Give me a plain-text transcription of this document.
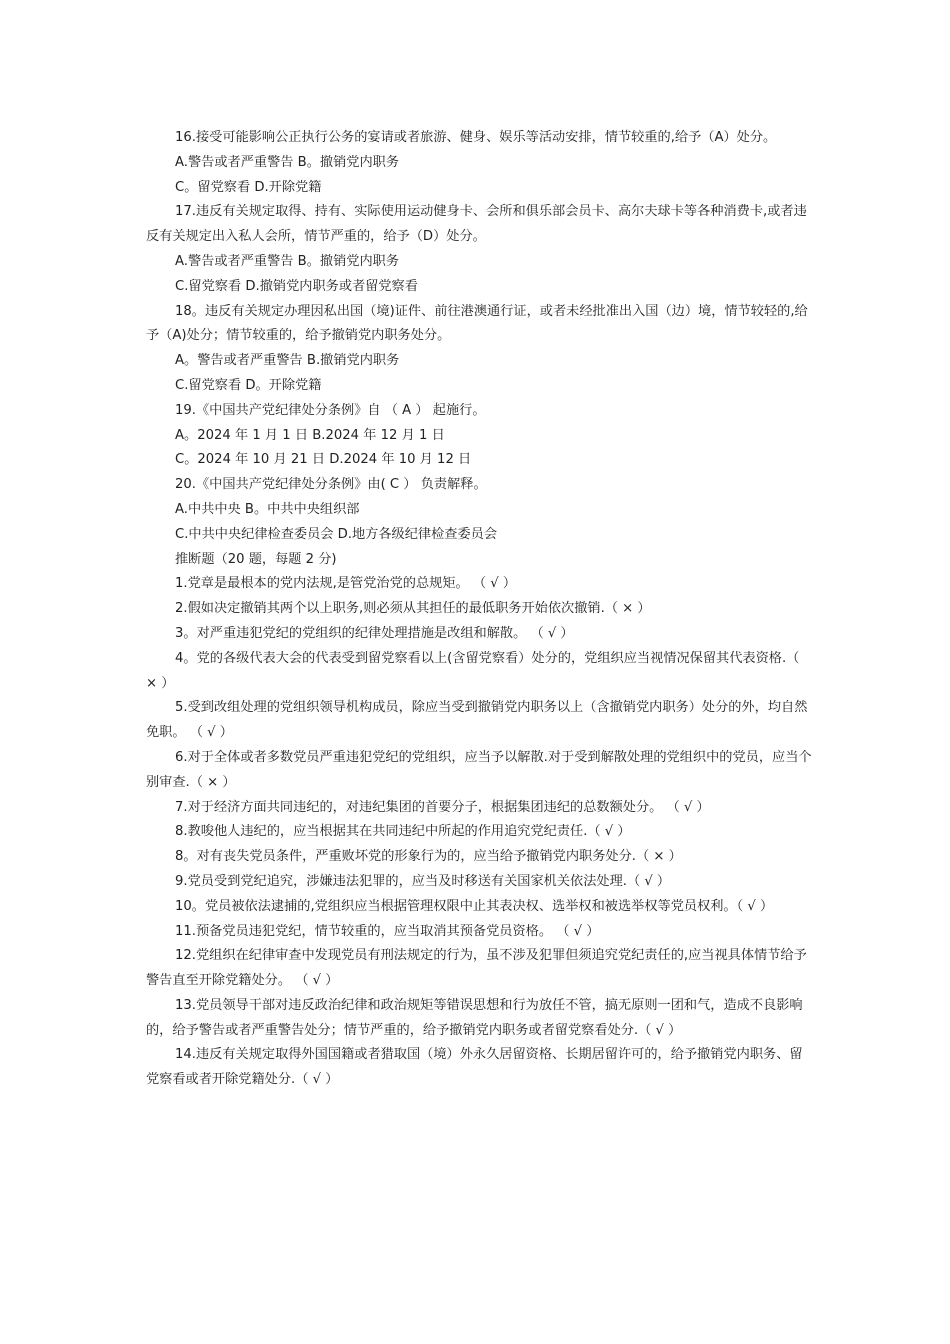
16.接受可能影响公正执行公务的宴请或者旅游、健身、娱乐等活动安排，情节较重的,给予（A）处分。

A.警告或者严重警告 B。撤销党内职务

C。留党察看 D.开除党籍

17.违反有关规定取得、持有、实际使用运动健身卡、会所和俱乐部会员卡、高尔夫球卡等各种消费卡,或者违反有关规定出入私人会所，情节严重的，给予（D）处分。

A.警告或者严重警告 B。撤销党内职务

C.留党察看 D.撤销党内职务或者留党察看

18。违反有关规定办理因私出国（境)证件、前往港澳通行证，或者未经批准出入国（边）境，情节较轻的,给予（A)处分；情节较重的，给予撤销党内职务处分。

A。警告或者严重警告 B.撤销党内职务

C.留党察看 D。开除党籍

19.《中国共产党纪律处分条例》自 （ A ） 起施行。

A。2024 年 1 月 1 日 B.2024 年 12 月 1 日

C。2024 年 10 月 21 日 D.2024 年 10 月 12 日

20.《中国共产党纪律处分条例》由( C ） 负责解释。

A.中共中央 B。中共中央组织部

C.中共中央纪律检查委员会 D.地方各级纪律检查委员会

推断题（20 题，每题 2 分)

1.党章是最根本的党内法规,是管党治党的总规矩。 （ √ ）

2.假如决定撤销其两个以上职务,则必须从其担任的最低职务开始依次撤销.（ × ）

3。对严重违犯党纪的党组织的纪律处理措施是改组和解散。 （ √ ）

4。党的各级代表大会的代表受到留党察看以上(含留党察看）处分的，党组织应当视情况保留其代表资格.（ × ）

5.受到改组处理的党组织领导机构成员，除应当受到撤销党内职务以上（含撤销党内职务）处分的外，均自然免职。 （ √ ）

6.对于全体或者多数党员严重违犯党纪的党组织，应当予以解散.对于受到解散处理的党组织中的党员，应当个别审查.（ × ）

7.对于经济方面共同违纪的，对违纪集团的首要分子，根据集团违纪的总数额处分。 （ √ ）

8.教唆他人违纪的，应当根据其在共同违纪中所起的作用追究党纪责任.（ √ ）

8。对有丧失党员条件，严重败坏党的形象行为的，应当给予撤销党内职务处分.（ × ）

9.党员受到党纪追究，涉嫌违法犯罪的，应当及时移送有关国家机关依法处理.（ √ ）

10。党员被依法逮捕的,党组织应当根据管理权限中止其表决权、选举权和被选举权等党员权利。（ √ ）

11.预备党员违犯党纪，情节较重的，应当取消其预备党员资格。 （ √ ）

12.党组织在纪律审查中发现党员有刑法规定的行为，虽不涉及犯罪但须追究党纪责任的,应当视具体情节给予警告直至开除党籍处分。 （ √ ）

13.党员领导干部对违反政治纪律和政治规矩等错误思想和行为放任不管，搞无原则一团和气，造成不良影响的，给予警告或者严重警告处分；情节严重的，给予撤销党内职务或者留党察看处分.（ √ ）

14.违反有关规定取得外国国籍或者猎取国（境）外永久居留资格、长期居留许可的，给予撤销党内职务、留党察看或者开除党籍处分.（ √ ）
